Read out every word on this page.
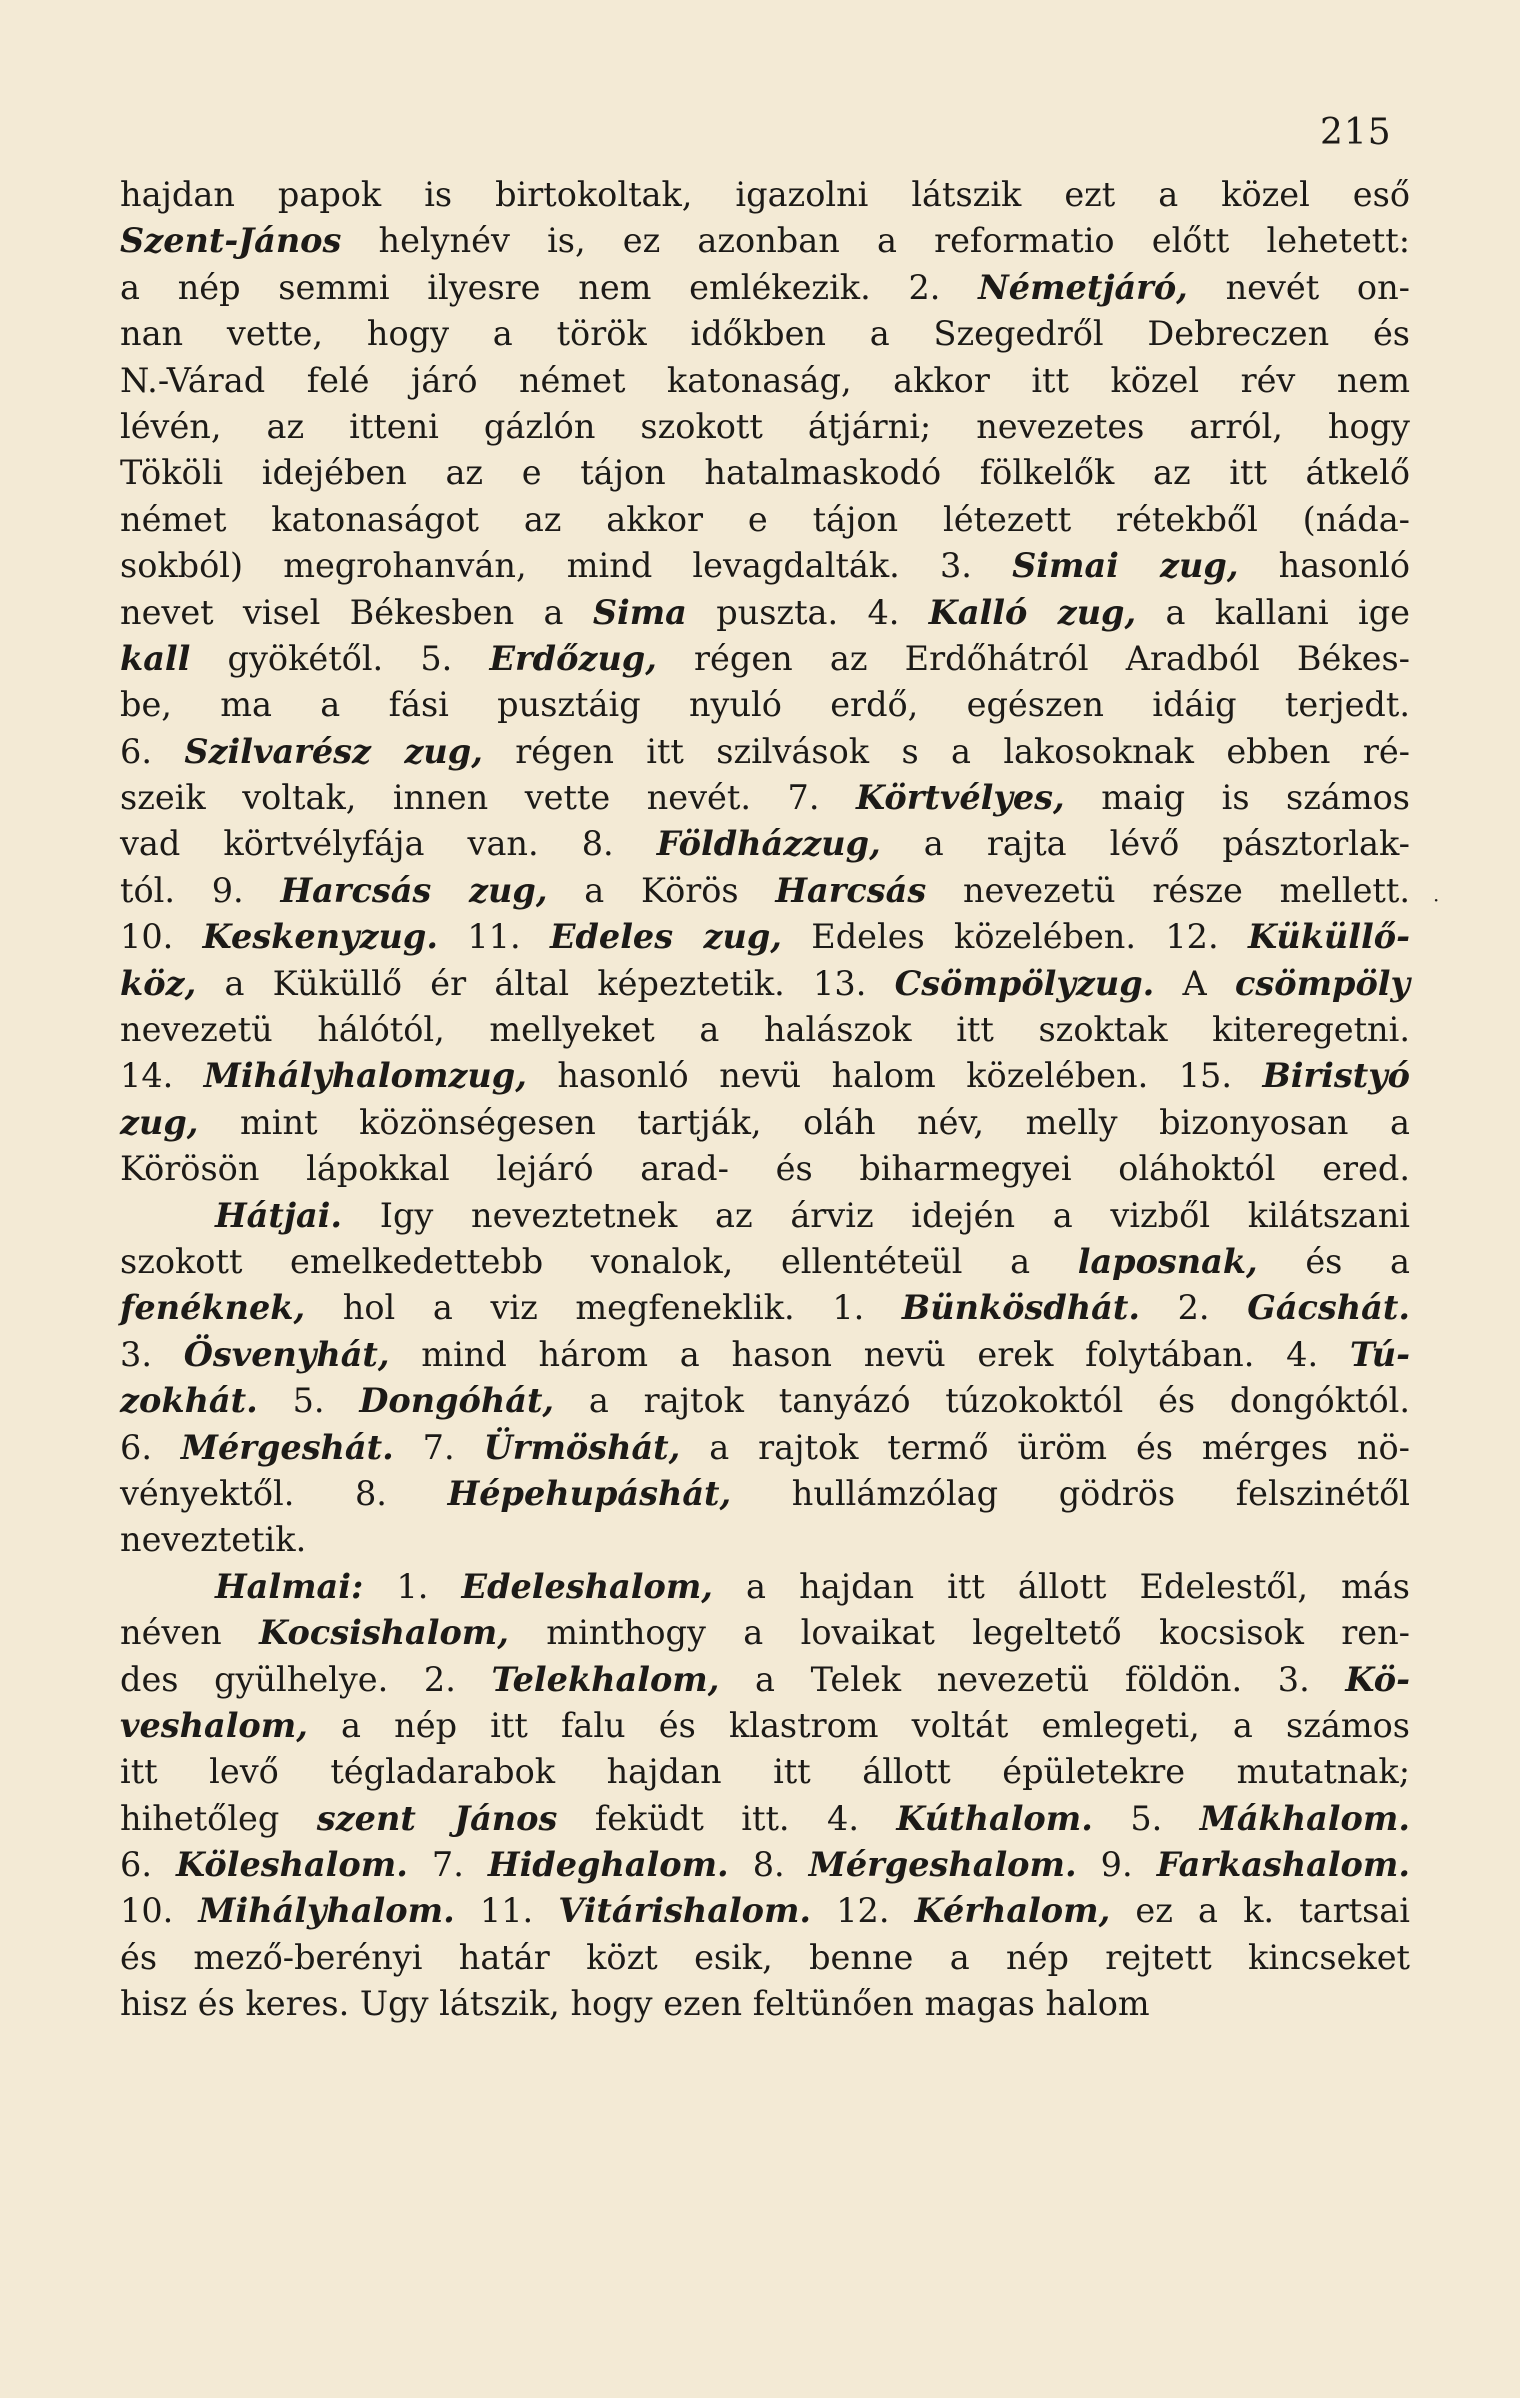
215
hajdan papok is birtokoltak, igazolni látszik ezt a közel eső
Szent-János helynév is, ez azonban a reformatio előtt lehetett:
a nép semmi ilyesre nem emlékezik. 2. Németjáró, nevét on-
nan vette, hogy a török időkben a Szegedről Debreczen és
N.-Várad felé járó német katonaság, akkor itt közel rév nem
lévén, az itteni gázlón szokott átjárni; nevezetes arról, hogy
Tököli idejében az e tájon hatalmaskodó fölkelők az itt átkelő
német katonaságot az akkor e tájon létezett rétekből (náda-
sokból) megrohanván, mind levagdalták. 3. Simai zug, hasonló
nevet visel Békesben a Sima puszta. 4. Kalló zug, a kallani ige
kall gyökétől. 5. Erdőzug, régen az Erdőhátról Aradból Békes-
be, ma a fási pusztáig nyuló erdő, egészen idáig terjedt.
6. Szilvarész zug, régen itt szilvások s a lakosoknak ebben ré-
szeik voltak, innen vette nevét. 7. Körtvélyes, maig is számos
vad körtvélyfája van. 8. Földházzug, a rajta lévő pásztorlak-
tól. 9. Harcsás zug, a Körös Harcsás nevezetü része mellett.
10. Keskenyzug. 11. Edeles zug, Edeles közelében. 12. Küküllő-
köz, a Küküllő ér által képeztetik. 13. Csömpölyzug. A csömpöly
nevezetü hálótól, mellyeket a halászok itt szoktak kiteregetni.
14. Mihályhalomzug, hasonló nevü halom közelében. 15. Biristyó
zug, mint közönségesen tartják, oláh név, melly bizonyosan a
Körösön lápokkal lejáró arad- és biharmegyei oláhoktól ered.
Hátjai. Igy neveztetnek az árviz idején a vizből kilátszani
szokott emelkedettebb vonalok, ellentéteül a laposnak, és a
fenéknek, hol a viz megfeneklik. 1. Bünkösdhát. 2. Gácshát.
3. Ösvenyhát, mind három a hason nevü erek folytában. 4. Tú-
zokhát. 5. Dongóhát, a rajtok tanyázó túzokoktól és dongóktól.
6. Mérgeshát. 7. Ürmöshát, a rajtok termő üröm és mérges nö-
vényektől. 8. Hépehupáshát, hullámzólag gödrös felszinétől
neveztetik.
Halmai: 1. Edeleshalom, a hajdan itt állott Edelestől, más
néven Kocsishalom, minthogy a lovaikat legeltető kocsisok ren-
des gyülhelye. 2. Telekhalom, a Telek nevezetü földön. 3. Kö-
veshalom, a nép itt falu és klastrom voltát emlegeti, a számos
itt levő tégladarabok hajdan itt állott épületekre mutatnak;
hihetőleg szent János feküdt itt. 4. Kúthalom. 5. Mákhalom.
6. Köleshalom. 7. Hideghalom. 8. Mérgeshalom. 9. Farkashalom.
10. Mihályhalom. 11. Vitárishalom. 12. Kérhalom, ez a k. tartsai
és mező-berényi határ közt esik, benne a nép rejtett kincseket
hisz és keres. Ugy látszik, hogy ezen feltünően magas halom
·
